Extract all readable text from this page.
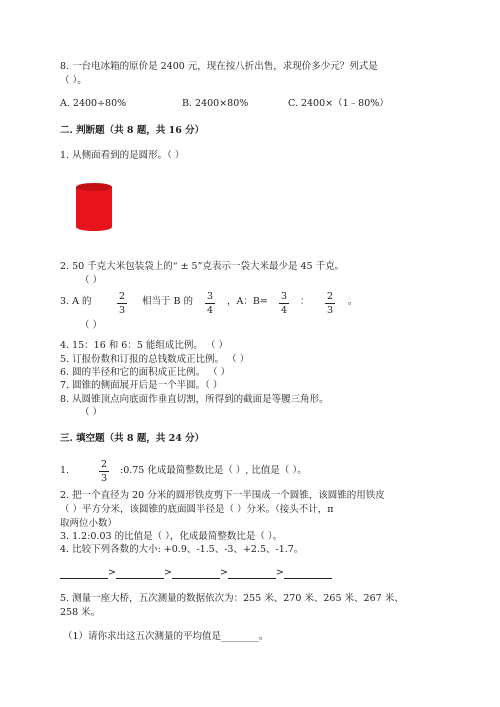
8. 一台电冰箱的原价是 2400 元，现在按八折出售，求现价多少元？列式是
（ ）。
A. 2400÷80%	B. 2400×80%	C. 2400×（1﹣80%）
二. 判断题（共 8 题，共 16 分）
1. 从侧面看到的是圆形。（ ）
2. 50 千克大米包装袋上的“ ± 5”克表示一袋大米最少是 45 千克。
（ ）
3. A 的	2
3
相当于 B 的 3
4
，A：B= 3
4
： 2
3
。
（ ）
4. 15：16 和 6：5 能组成比例。 （ ）
5. 订报份数和订报的总钱数成正比例。 （ ）
6. 圆的半径和它的面积成正比例。 （ ）
7. 圆锥的侧面展开后是一个半圆。（ ）
8. 从圆锥顶点向底面作垂直切割，所得到的截面是等腰三角形。
（ ）
三. 填空题（共 8 题，共 24 分）
1.
2
3
:0.75 化成最简整数比是（ ）, 比值是（ ）。
2. 把一个直径为 20 分米的圆形铁皮剪下一半围成一个圆锥，该圆锥的用铁皮
（ ）平方分米，该圆锥的底面圆半径是（ ）分米。（接头不计，π
取两位小数）
3. 1.2:0.03 的比值是（ ），化成最简整数比是（ ）。
4. 比较下列各数的大小: +0.9、-1.5、-3、+2.5、-1.7。
>	>	>	>
5. 测量一座大桥，五次测量的数据依次为：255 米、270 米、265 米、267 米、
258 米。
（1）请你求出这五次测量的平均值是________。
